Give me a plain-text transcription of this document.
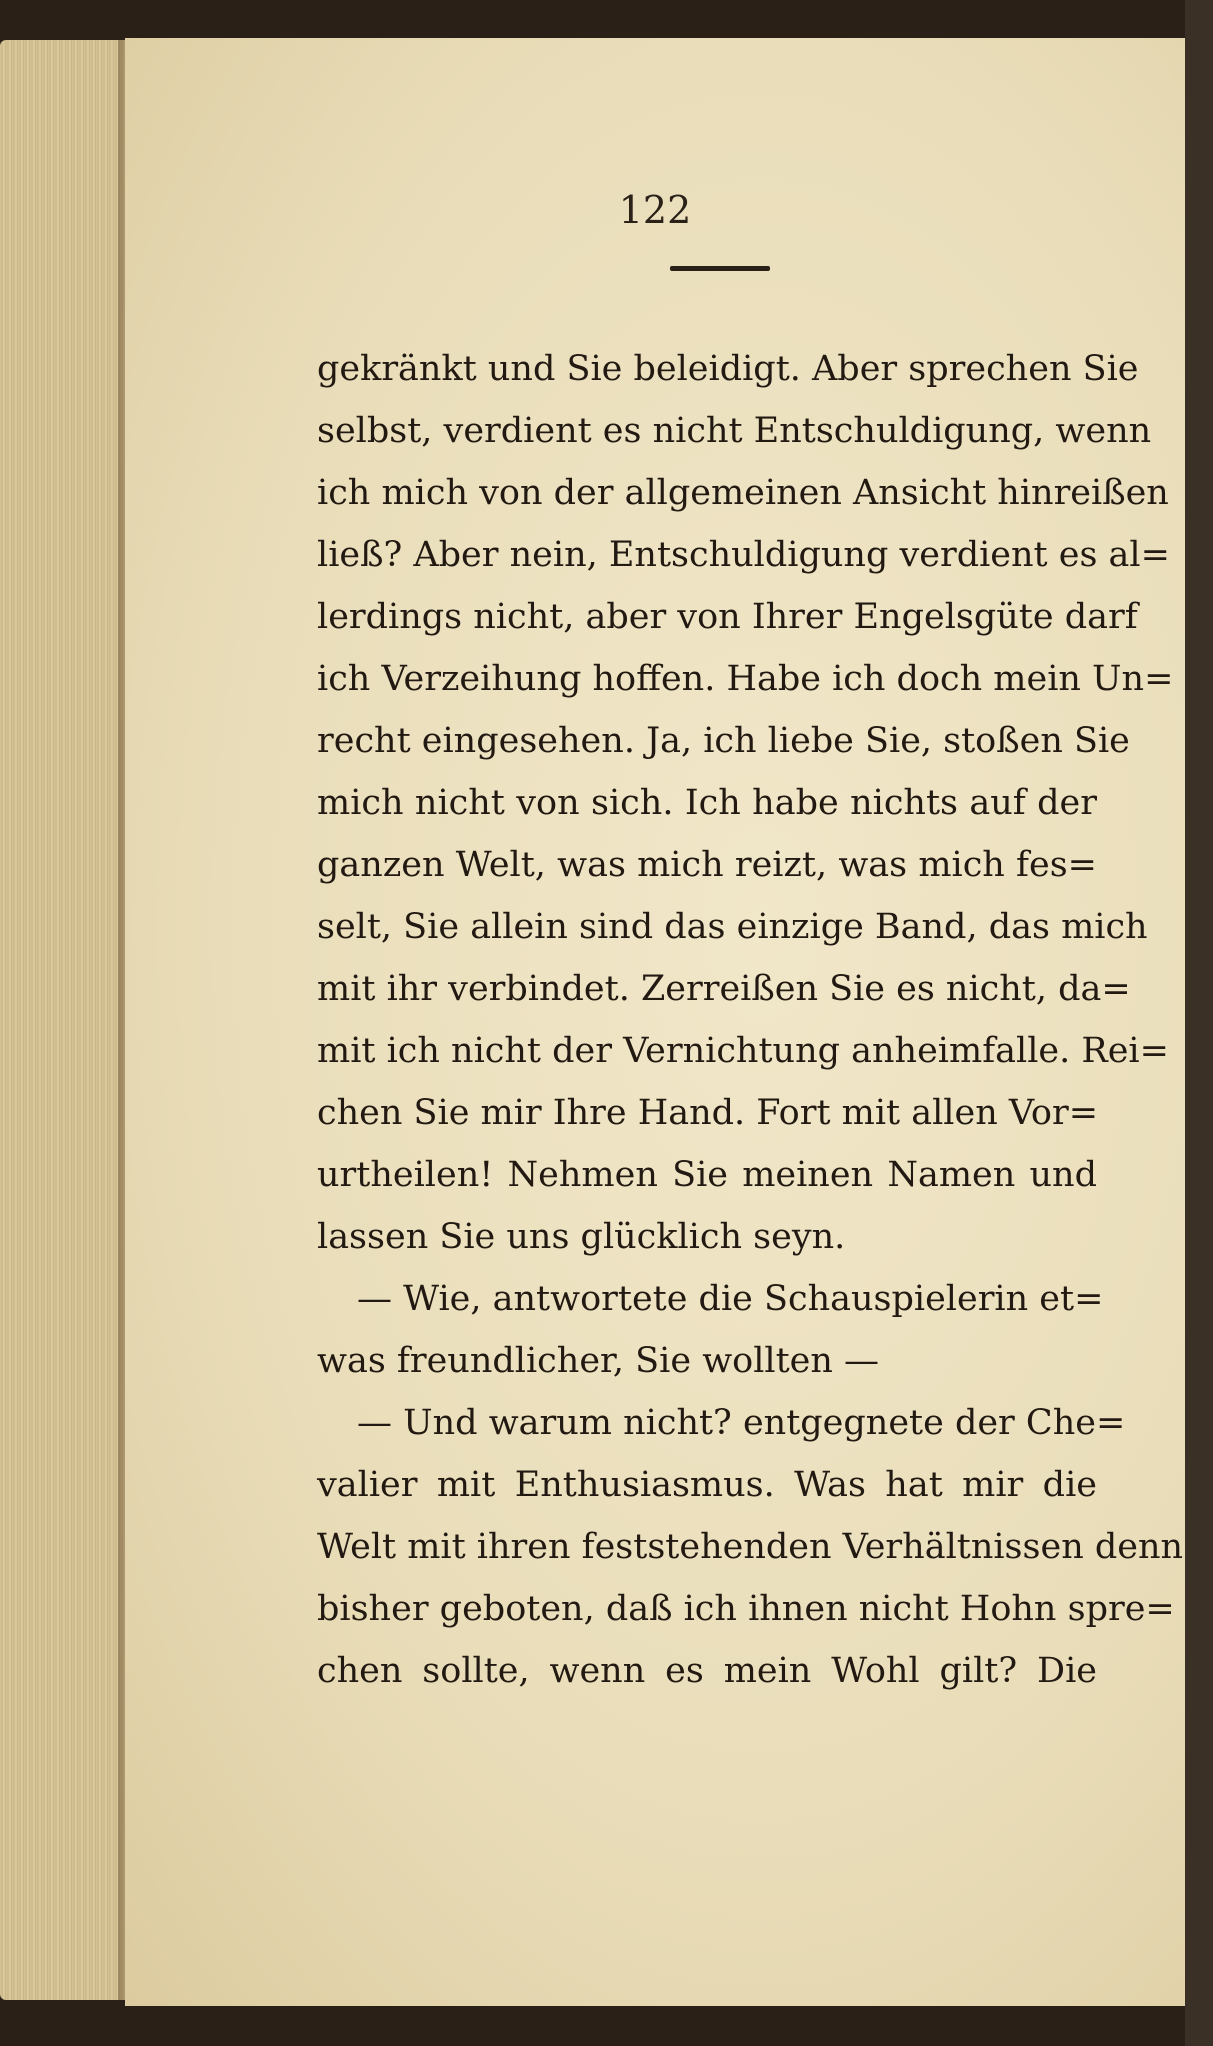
122
gekränkt und Sie beleidigt. Aber sprechen Sie
selbst, verdient es nicht Entschuldigung, wenn
ich mich von der allgemeinen Ansicht hinreißen
ließ? Aber nein, Entschuldigung verdient es al=
lerdings nicht, aber von Ihrer Engelsgüte darf
ich Verzeihung hoffen. Habe ich doch mein Un=
recht eingesehen. Ja, ich liebe Sie, stoßen Sie
mich nicht von sich. Ich habe nichts auf der
ganzen Welt, was mich reizt, was mich fes=
selt, Sie allein sind das einzige Band, das mich
mit ihr verbindet. Zerreißen Sie es nicht, da=
mit ich nicht der Vernichtung anheimfalle. Rei=
chen Sie mir Ihre Hand. Fort mit allen Vor=
urtheilen! Nehmen Sie meinen Namen und
lassen Sie uns glücklich seyn.
— Wie, antwortete die Schauspielerin et=
was freundlicher, Sie wollten —
— Und warum nicht? entgegnete der Che=
valier mit Enthusiasmus. Was hat mir die
Welt mit ihren feststehenden Verhältnissen denn
bisher geboten, daß ich ihnen nicht Hohn spre=
chen sollte, wenn es mein Wohl gilt? Die
